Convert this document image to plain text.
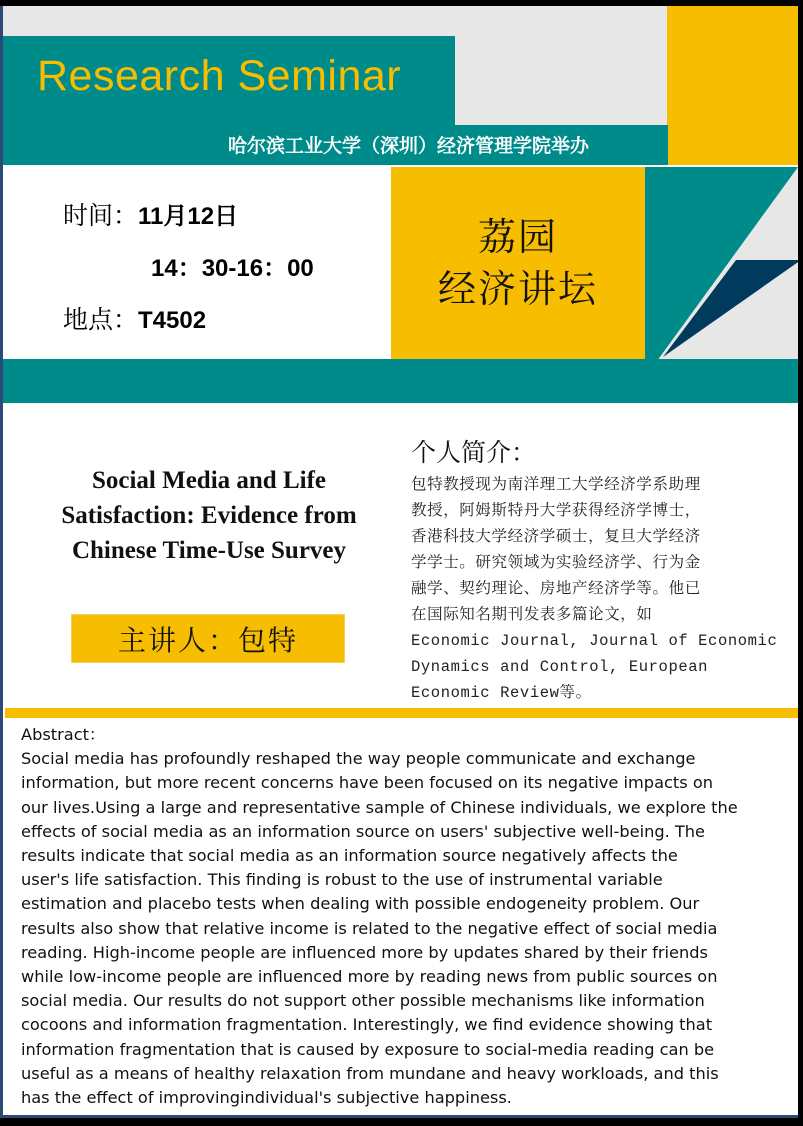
Research Seminar
哈尔滨工业大学（深圳）经济管理学院举办
时间：11月12日
14：30-16：00
地点：T4502
荔园
经济讲坛
Social Media and Life
Satisfaction: Evidence from
Chinese Time-Use Survey
主讲人：包特
个人简介：
包特教授现为南洋理工大学经济学系助理
教授，阿姆斯特丹大学获得经济学博士，
香港科技大学经济学硕士，复旦大学经济
学学士。研究领域为实验经济学、行为金
融学、契约理论、房地产经济学等。他已
在国际知名期刊发表多篇论文，如
Economic Journal, Journal of Economic
Dynamics and Control, European
Economic Review等。
Abstract：
Social media has profoundly reshaped the way people communicate and exchange
information, but more recent concerns have been focused on its negative impacts on
our lives.Using a large and representative sample of Chinese individuals, we explore the
effects of social media as an information source on users' subjective well-being. The
results indicate that social media as an information source negatively affects the
user's life satisfaction. This finding is robust to the use of instrumental variable
estimation and placebo tests when dealing with possible endogeneity problem. Our
results also show that relative income is related to the negative effect of social media
reading. High-income people are influenced more by updates shared by their friends
while low-income people are influenced more by reading news from public sources on
social media. Our results do not support other possible mechanisms like information
cocoons and information fragmentation. Interestingly, we find evidence showing that
information fragmentation that is caused by exposure to social-media reading can be
useful as a means of healthy relaxation from mundane and heavy workloads, and this
has the effect of improvingindividual's subjective happiness.
